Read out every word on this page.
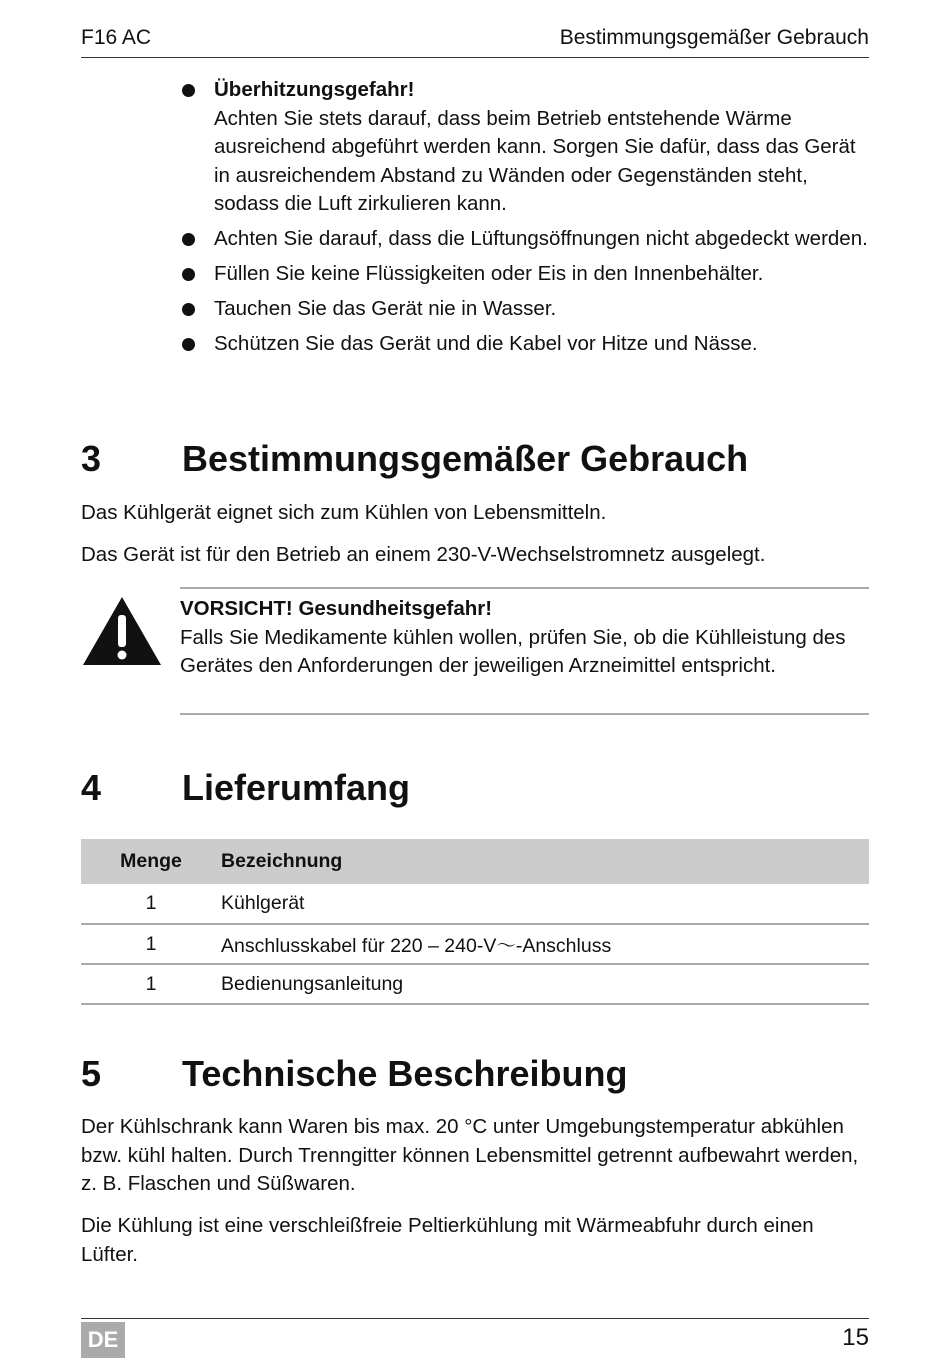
F16 AC	Bestimmungsgemäßer Gebrauch
Überhitzungsgefahr!
Achten Sie stets darauf, dass beim Betrieb entstehende Wärme ausreichend abgeführt werden kann. Sorgen Sie dafür, dass das Gerät in ausreichendem Abstand zu Wänden oder Gegenständen steht, sodass die Luft zirkulieren kann.
Achten Sie darauf, dass die Lüftungsöffnungen nicht abgedeckt werden.
Füllen Sie keine Flüssigkeiten oder Eis in den Innenbehälter.
Tauchen Sie das Gerät nie in Wasser.
Schützen Sie das Gerät und die Kabel vor Hitze und Nässe.
3 Bestimmungsgemäßer Gebrauch

Das Kühlgerät eignet sich zum Kühlen von Lebensmitteln.

Das Gerät ist für den Betrieb an einem 230-V-Wechselstromnetz ausgelegt.

VORSICHT! Gesundheitsgefahr!
Falls Sie Medikamente kühlen wollen, prüfen Sie, ob die Kühlleistung des Gerätes den Anforderungen der jeweiligen Arzneimittel entspricht.
4 Lieferumfang
Menge	Bezeichnung
1	Kühlgerät
1	Anschlusskabel für 220 – 240-V〜-Anschluss
1	Bedienungsanleitung
5 Technische Beschreibung

Der Kühlschrank kann Waren bis max. 20 °C unter Umgebungstemperatur abkühlen bzw. kühl halten. Durch Trenngitter können Lebensmittel getrennt aufbewahrt werden, z. B. Flaschen und Süßwaren.

Die Kühlung ist eine verschleißfreie Peltierkühlung mit Wärmeabfuhr durch einen Lüfter.

DE	15
